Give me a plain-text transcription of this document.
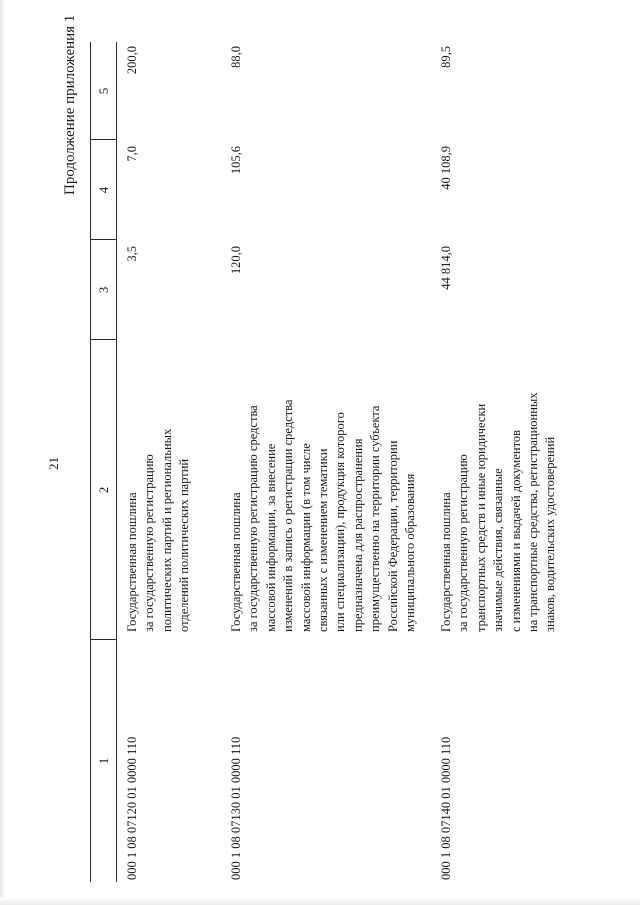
21
Продолжение приложения 1
1
2
3
4
5
000 1 08 07120 01 0000 110
Государственная пошлина за государственную регистрацию политических партий и региональных отделений политических партий
3,5
7,0
200,0
000 1 08 07130 01 0000 110
Государственная пошлина за государственную регистрацию средства массовой информации, за внесение изменений в запись о регистрации средства массовой информации (в том числе связанных с изменением тематики или специализации), продукция которого предназначена для распространения преимущественно на территории субъекта Российской Федерации, территории муниципального образования
120,0
105,6
88,0
000 1 08 07140 01 0000 110
Государственная пошлина за государственную регистрацию транспортных средств и иные юридически значимые действия, связанные с изменениями и выдачей документов на транспортные средства, регистрационных знаков, водительских удостоверений
44 814,0
40 108,9
89,5
